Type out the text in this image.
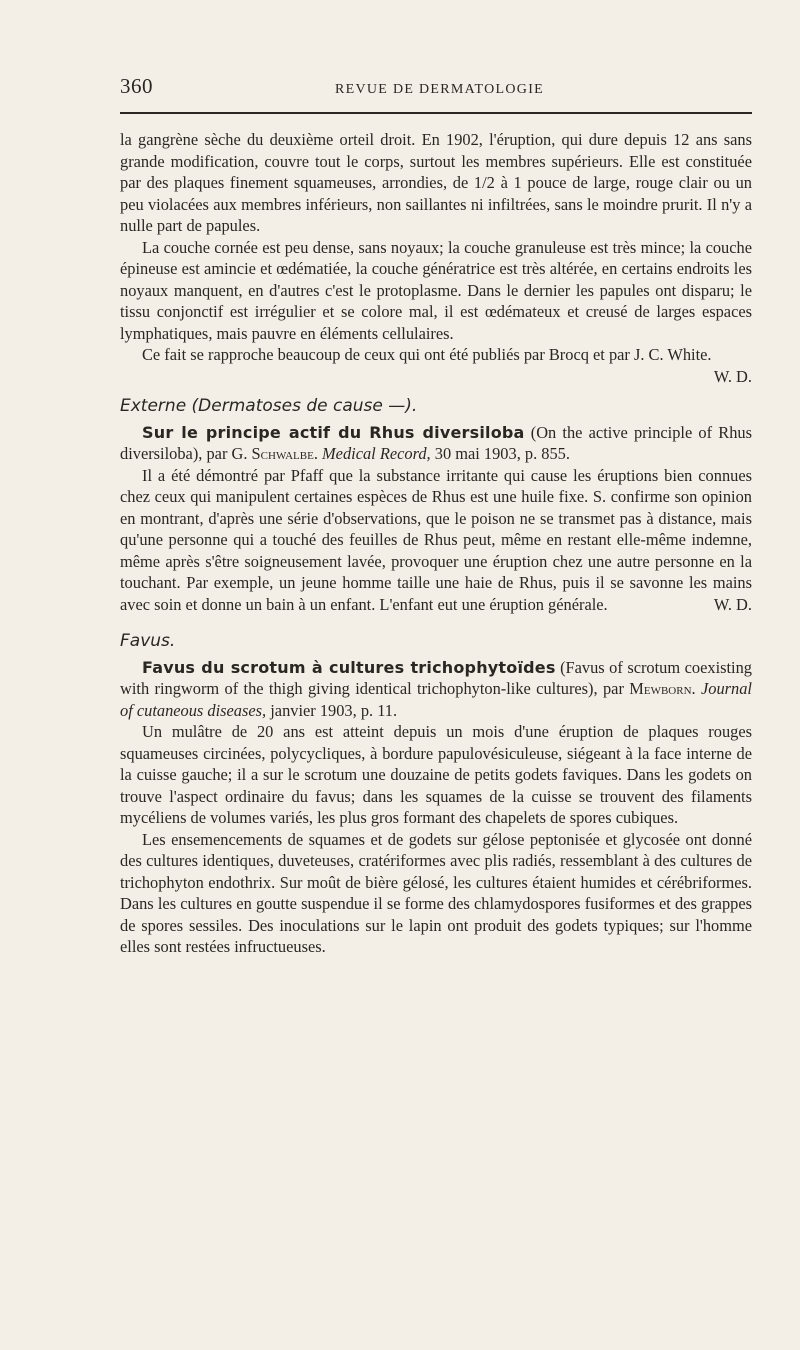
360	REVUE DE DERMATOLOGIE

la gangrène sèche du deuxième orteil droit. En 1902, l'éruption, qui dure depuis 12 ans sans grande modification, couvre tout le corps, surtout les membres supérieurs. Elle est constituée par des plaques finement squameuses, arrondies, de 1/2 à 1 pouce de large, rouge clair ou un peu violacées aux membres inférieurs, non saillantes ni infiltrées, sans le moindre prurit. Il n'y a nulle part de papules.

La couche cornée est peu dense, sans noyaux; la couche granuleuse est très mince; la couche épineuse est amincie et œdématiée, la couche génératrice est très altérée, en certains endroits les noyaux manquent, en d'autres c'est le protoplasme. Dans le dernier les papules ont disparu; le tissu conjonctif est irrégulier et se colore mal, il est œdémateux et creusé de larges espaces lymphatiques, mais pauvre en éléments cellulaires.

Ce fait se rapproche beaucoup de ceux qui ont été publiés par Brocq et par J. C. White.
W. D.

Externe (Dermatoses de cause —).

Sur le principe actif du Rhus diversiloba (On the active principle of Rhus diversiloba), par G. Schwalbe. Medical Record, 30 mai 1903, p. 855.

Il a été démontré par Pfaff que la substance irritante qui cause les éruptions bien connues chez ceux qui manipulent certaines espèces de Rhus est une huile fixe. S. confirme son opinion en montrant, d'après une série d'observations, que le poison ne se transmet pas à distance, mais qu'une personne qui a touché des feuilles de Rhus peut, même en restant elle-même indemne, même après s'être soigneusement lavée, provoquer une éruption chez une autre personne en la touchant. Par exemple, un jeune homme taille une haie de Rhus, puis il se savonne les mains avec soin et donne un bain à un enfant. L'enfant eut une éruption générale.	W. D.

Favus.

Favus du scrotum à cultures trichophytoïdes (Favus of scrotum coexisting with ringworm of the thigh giving identical trichophyton-like cultures), par Mewborn. Journal of cutaneous diseases, janvier 1903, p. 11.

Un mulâtre de 20 ans est atteint depuis un mois d'une éruption de plaques rouges squameuses circinées, polycycliques, à bordure papulovésiculeuse, siégeant à la face interne de la cuisse gauche; il a sur le scrotum une douzaine de petits godets faviques. Dans les godets on trouve l'aspect ordinaire du favus; dans les squames de la cuisse se trouvent des filaments mycéliens de volumes variés, les plus gros formant des chapelets de spores cubiques.

Les ensemencements de squames et de godets sur gélose peptonisée et glycosée ont donné des cultures identiques, duveteuses, cratériformes avec plis radiés, ressemblant à des cultures de trichophyton endothrix. Sur moût de bière gélosé, les cultures étaient humides et cérébriformes. Dans les cultures en goutte suspendue il se forme des chlamydospores fusiformes et des grappes de spores sessiles. Des inoculations sur le lapin ont produit des godets typiques; sur l'homme elles sont restées infructueuses.
